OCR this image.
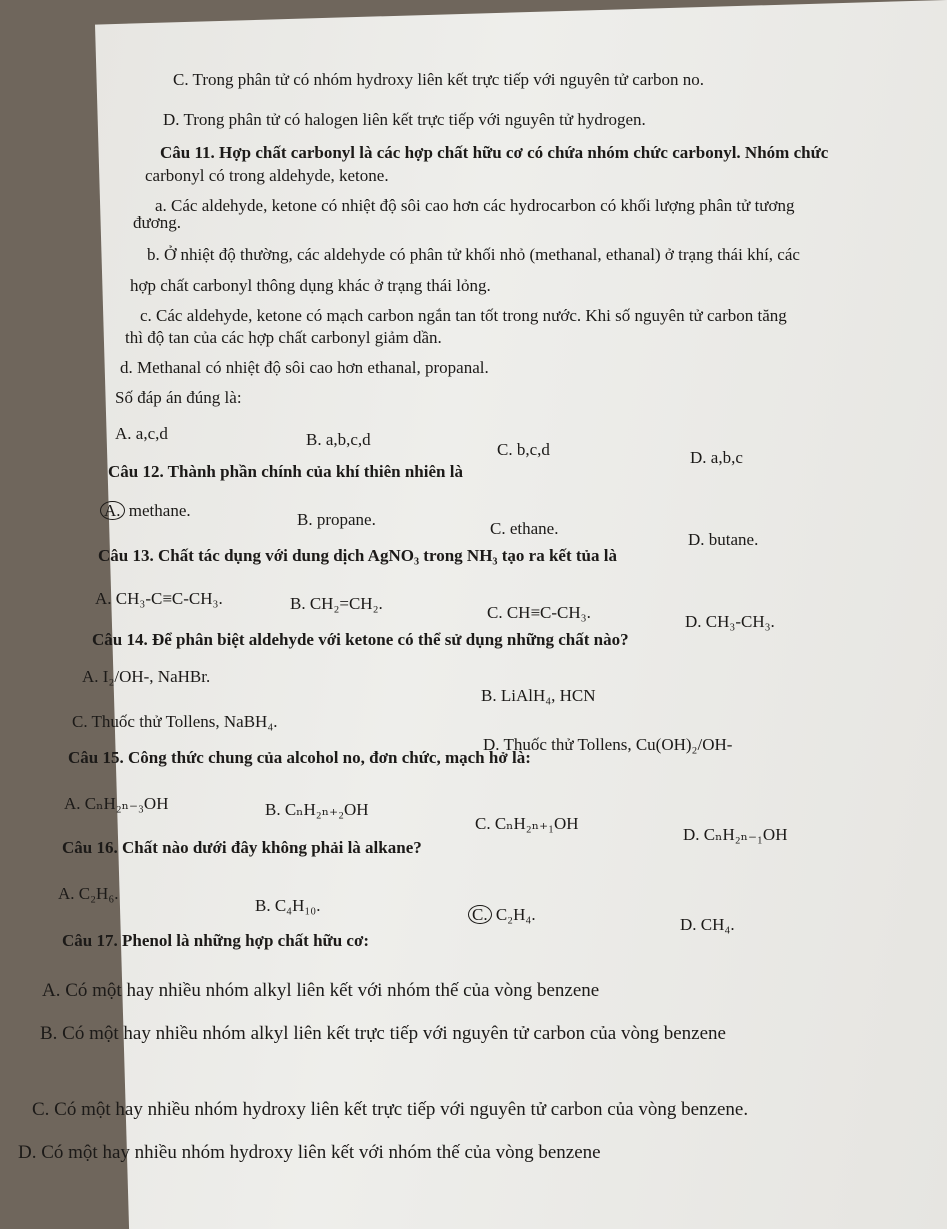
C. Trong phân tử có nhóm hydroxy liên kết trực tiếp với nguyên tử carbon no.
D. Trong phân tử có halogen liên kết trực tiếp với nguyên tử hydrogen.
Câu 11. Hợp chất carbonyl là các hợp chất hữu cơ có chứa nhóm chức carbonyl. Nhóm chức
carbonyl có trong aldehyde, ketone.
a. Các aldehyde, ketone có nhiệt độ sôi cao hơn các hydrocarbon có khối lượng phân tử tương
đương.
b. Ở nhiệt độ thường, các aldehyde có phân tử khối nhỏ (methanal, ethanal) ở trạng thái khí, các
hợp chất carbonyl thông dụng khác ở trạng thái lỏng.
c. Các aldehyde, ketone có mạch carbon ngắn tan tốt trong nước. Khi số nguyên tử carbon tăng
thì độ tan của các hợp chất carbonyl giảm dần.
d. Methanal có nhiệt độ sôi cao hơn ethanal, propanal.
Số đáp án đúng là:
A. a,c,d	B. a,b,c,d
C. b,c,d	D. a,b,c
Câu 12. Thành phần chính của khí thiên nhiên là
A. methane.	B. propane.	C. ethane.
D. butane.
Câu 13. Chất tác dụng với dung dịch AgNO₃ trong NH₃ tạo ra kết tủa là
A. CH₃-C≡C-CH₃.	B. CH₂=CH₂.	C. CH≡C-CH₃.	D. CH₃-CH₃.
Câu 14. Để phân biệt aldehyde với ketone có thể sử dụng những chất nào?
A. I₂/OH-, NaHBr.
B. LiAlH₄, HCN
C. Thuốc thử Tollens, NaBH₄.
D. Thuốc thử Tollens, Cu(OH)₂/OH-
Câu 15. Công thức chung của alcohol no, đơn chức, mạch hở là:
A. CₙH₂ₙ₋₃OH	B. CₙH₂ₙ₊₂OH
C. CₙH₂ₙ₊₁OH
D. CₙH₂ₙ₋₁OH
Câu 16. Chất nào dưới đây không phải là alkane?
A. C₂H₆.
B. C₄H₁₀.	C. C₂H₄.
D. CH₄.
Câu 17. Phenol là những hợp chất hữu cơ:
A. Có một hay nhiều nhóm alkyl liên kết với nhóm thế của vòng benzene
B. Có một hay nhiều nhóm alkyl liên kết trực tiếp với nguyên tử carbon của vòng benzene
C. Có một hay nhiều nhóm hydroxy liên kết trực tiếp với nguyên tử carbon của vòng benzene.
D. Có một hay nhiều nhóm hydroxy liên kết với nhóm thế của vòng benzene
